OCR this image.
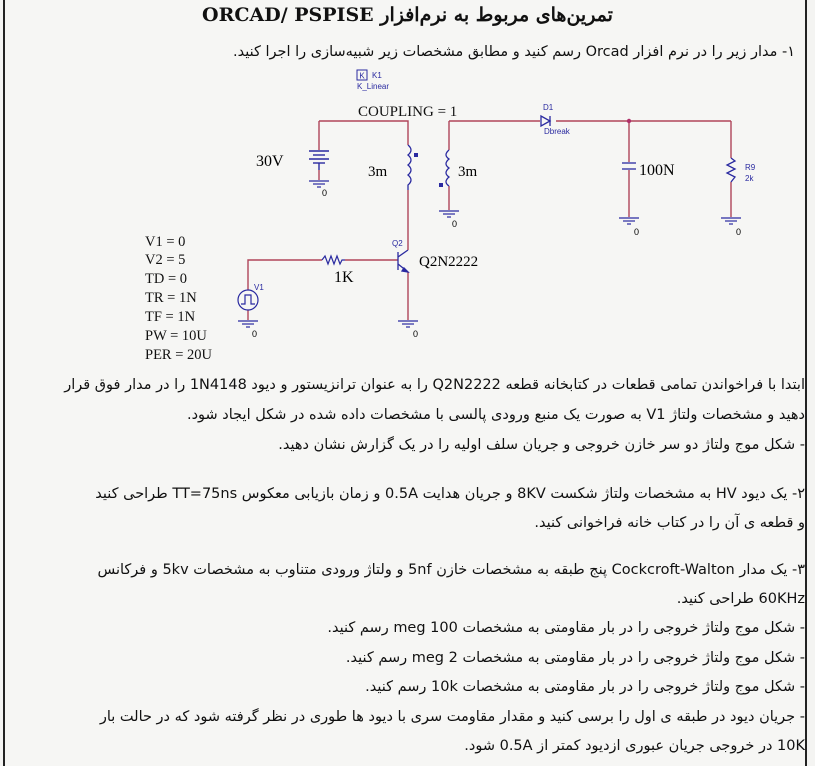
تمرین‌های مربوط به نرم‌افزار ORCAD/ PSPISE
۱- مدار زیر را در نرم افزار Orcad رسم کنید و مطابق مشخصات زیر شبیه‌سازی را اجرا کنید.
K K1
K_Linear
COUPLING = 1
30V
0
0
0	0
0	0
3m	3m
D1
Dbreak
100N	R9
2k
1K
Q2
Q2N2222
V1
V1 = 0
V2 = 5
TD = 0
TR = 1N
TF = 1N
PW = 10U
PER = 20U
ابتدا با فراخواندن تمامی قطعات در کتابخانه قطعه Q2N2222 را به عنوان ترانزیستور و دیود 1N4148 را در مدار فوق قرار
دهید و مشخصات ولتاژ V1 به صورت یک منبع ورودی پالسی با مشخصات داده شده در شکل ایجاد شود.
- شکل موج ولتاژ دو سر خازن خروجی و جریان سلف اولیه را در یک گزارش نشان دهید.
۲- یک دیود HV به مشخصات ولتاژ شکست 8KV و جریان هدایت 0.5A و زمان بازیابی معکوس TT=75ns طراحی کنید
و قطعه ی آن را در کتاب خانه فراخوانی کنید.
۳- یک مدار Cockcroft-Walton پنج طبقه به مشخصات خازن 5nf و ولتاژ ورودی متناوب به مشخصات 5kv و فرکانس
60KHz طراحی کنید.
- شکل موج ولتاژ خروجی را در بار مقاومتی به مشخصات 100 meg رسم کنید.
- شکل موج ولتاژ خروجی را در بار مقاومتی به مشخصات 2 meg رسم کنید.
- شکل موج ولتاژ خروجی را در بار مقاومتی به مشخصات 10k رسم کنید.
- جریان دیود در طبقه ی اول را برسی کنید و مقدار مقاومت سری با دیود ها طوری در نظر گرفته شود که در حالت بار
10K در خروجی جریان عبوری ازدیود کمتر از 0.5A شود.
